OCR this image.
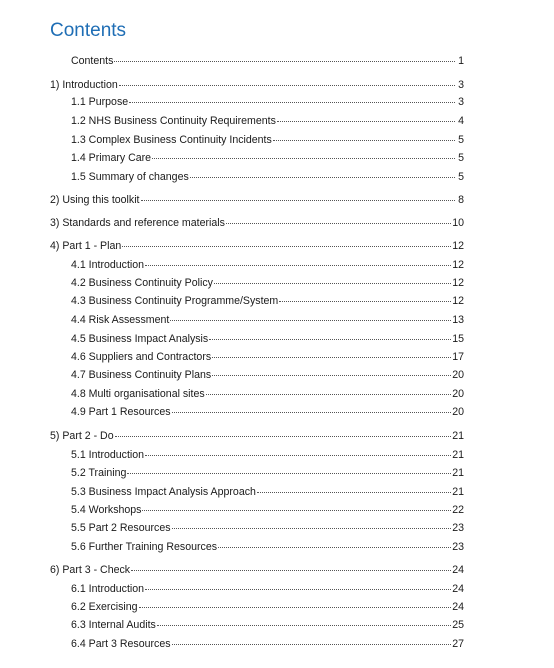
Contents
Contents	1
1) Introduction	3
1.1 Purpose	3
1.2 NHS Business Continuity Requirements	4
1.3 Complex Business Continuity Incidents	5
1.4 Primary Care	5
1.5 Summary of changes	5
2) Using this toolkit	8
3) Standards and reference materials	10
4) Part 1 - Plan	12
4.1 Introduction	12
4.2 Business Continuity Policy	12
4.3 Business Continuity Programme/System	12
4.4 Risk Assessment	13
4.5 Business Impact Analysis	15
4.6 Suppliers and Contractors	17
4.7 Business Continuity Plans	20
4.8 Multi organisational sites	20
4.9 Part 1 Resources	20
5) Part 2 - Do	21
5.1 Introduction	21
5.2 Training	21
5.3 Business Impact Analysis Approach	21
5.4 Workshops	22
5.5 Part 2 Resources	23
5.6 Further Training Resources	23
6) Part 3 - Check	24
6.1 Introduction	24
6.2 Exercising	24
6.3 Internal Audits	25
6.4 Part 3 Resources	27
